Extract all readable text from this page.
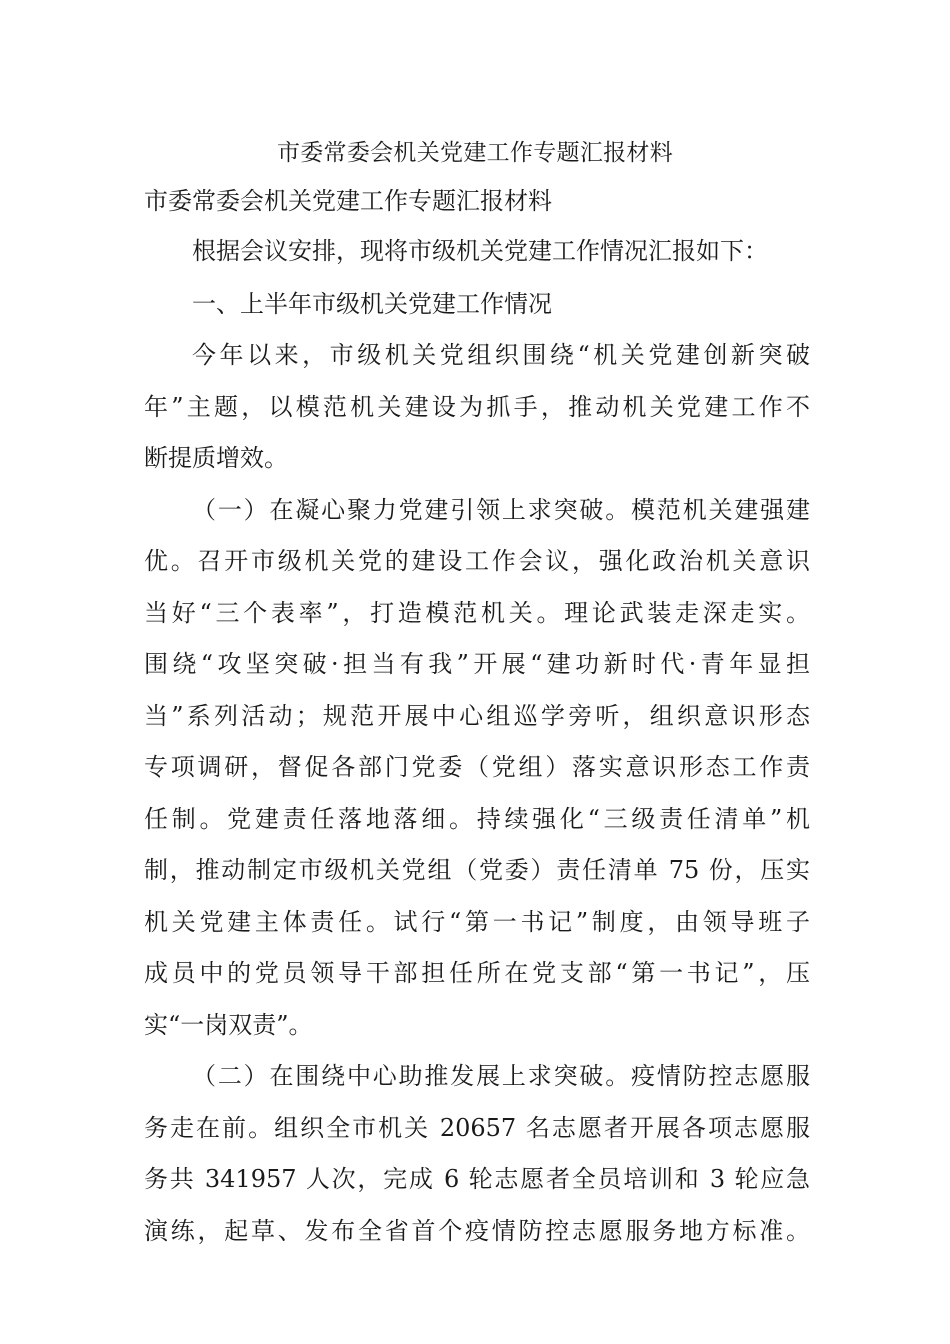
市委常委会机关党建工作专题汇报材料
市委常委会机关党建工作专题汇报材料
根据会议安排，现将市级机关党建工作情况汇报如下：
一、上半年市级机关党建工作情况
今年以来，市级机关党组织围绕“机关党建创新突破
年”主题，以模范机关建设为抓手，推动机关党建工作不
断提质增效。
（一）在凝心聚力党建引领上求突破。模范机关建强建
优。召开市级机关党的建设工作会议，强化政治机关意识
当好“三个表率”，打造模范机关。理论武装走深走实。
围绕“攻坚突破·担当有我”开展“建功新时代·青年显担
当”系列活动；规范开展中心组巡学旁听，组织意识形态
专项调研，督促各部门党委（党组）落实意识形态工作责
任制。党建责任落地落细。持续强化“三级责任清单”机
制，推动制定市级机关党组（党委）责任清单 75 份，压实
机关党建主体责任。试行“第一书记”制度，由领导班子
成员中的党员领导干部担任所在党支部“第一书记”，压
实“一岗双责”。
（二）在围绕中心助推发展上求突破。疫情防控志愿服
务走在前。组织全市机关 20657 名志愿者开展各项志愿服
务共 341957 人次，完成 6 轮志愿者全员培训和 3 轮应急
演练，起草、发布全省首个疫情防控志愿服务地方标准。
